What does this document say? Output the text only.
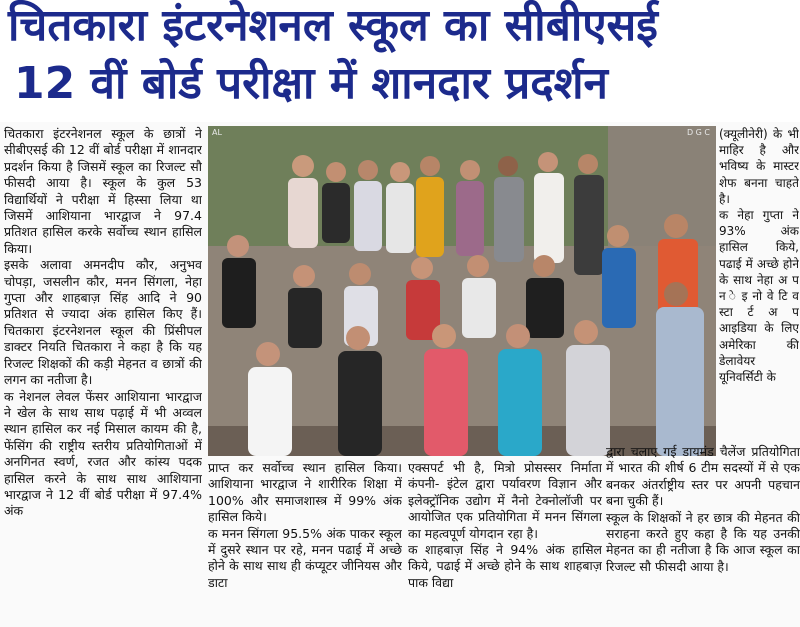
चितकारा इंटरनेशनल स्कूल का सीबीएसई
12 वीं बोर्ड परीक्षा में शानदार प्रदर्शन

चितकारा इंटरनेशनल स्कूल के छात्रों ने सीबीएसई की 12 वीं बोर्ड परीक्षा में शानदार प्रदर्शन किया है जिसमें स्कूल का रिजल्ट सौ फीसदी आया है। स्कूल के कुल 53 विद्यार्थियों ने परीक्षा में हिस्सा लिया था जिसमें आशियाना भारद्वाज ने 97.4 प्रतिशत हासिल करके सर्वोच्च स्थान हासिल किया।

इसके अलावा अमनदीप कौर, अनुभव चोपड़ा, जसलीन कौर, मनन सिंगला, नेहा गुप्ता और शाहबाज़ सिंह आदि ने 90 प्रतिशत से ज्यादा अंक हासिल किए हैं। चितकारा इंटरनेशनल स्कूल की प्रिंसीपल डाक्टर नियति चितकारा ने कहा है कि यह रिजल्ट शिक्षकों की कड़ी मेहनत व छात्रों की लगन का नतीजा है।

क नेशनल लेवल फेंसर आशियाना भारद्वाज ने खेल के साथ साथ पढ़ाई में भी अव्वल स्थान हासिल कर नई मिसाल कायम की है, फेंसिंग की राष्ट्रीय स्तरीय प्रतियोगिताओं में अनगिनत स्वर्ण, रजत और कांस्य पदक हासिल करने के साथ साथ आशियाना भारद्वाज ने 12 वीं बोर्ड परीक्षा में 97.4% अंक

AL	D G C (क्यूलीनेरी) के भी माहिर है और भविष्य के मास्टर शेफ बनना चाहते है।

क नेहा गुप्ता ने 93% अंक हासिल किये, पढाई में अच्छे होने के साथ नेहा अ प न े इ नो वे टि व स्टा र्ट अ प आइडिया के लिए अमेरिका की डेलावेयर यूनिवर्सिटी के

प्राप्त कर सर्वोच्च स्थान हासिल किया। आशियाना भारद्वाज ने शारीरिक शिक्षा में 100% और समाजशास्त्र में 99% अंक हासिल किये।

क मनन सिंगला 95.5% अंक पाकर स्कूल में दुसरे स्थान पर रहे, मनन पढाई में अच्छे होने के साथ साथ ही कंप्यूटर जीनियस और डाटा

एक्सपर्ट भी है, मित्रो प्रोसस्सर निर्माता कंपनी- इंटेल द्वारा पर्यावरण विज्ञान और इलेक्ट्रॉनिक उद्योग में नैनो टेक्नोलॉजी पर आयोजित एक प्रतियोगिता में मनन सिंगला का महत्वपूर्ण योगदान रहा है।

क शाहबाज़ सिंह ने 94% अंक हासिल किये, पढाई में अच्छे होने के साथ शाहबाज़ पाक विद्या

द्वारा चलाए गई डायमंड चैलेंज प्रतियोगिता में भारत की शीर्ष 6 टीम सदस्यों में से एक बनकर अंतर्राष्ट्रीय स्तर पर अपनी पहचान बना चुकी हैं।

स्कूल के शिक्षकों ने हर छात्र की मेहनत की सराहना करते हुए कहा है कि यह उनकी मेहनत का ही नतीजा है कि आज स्कूल का रिजल्ट सौ फीसदी आया है।
